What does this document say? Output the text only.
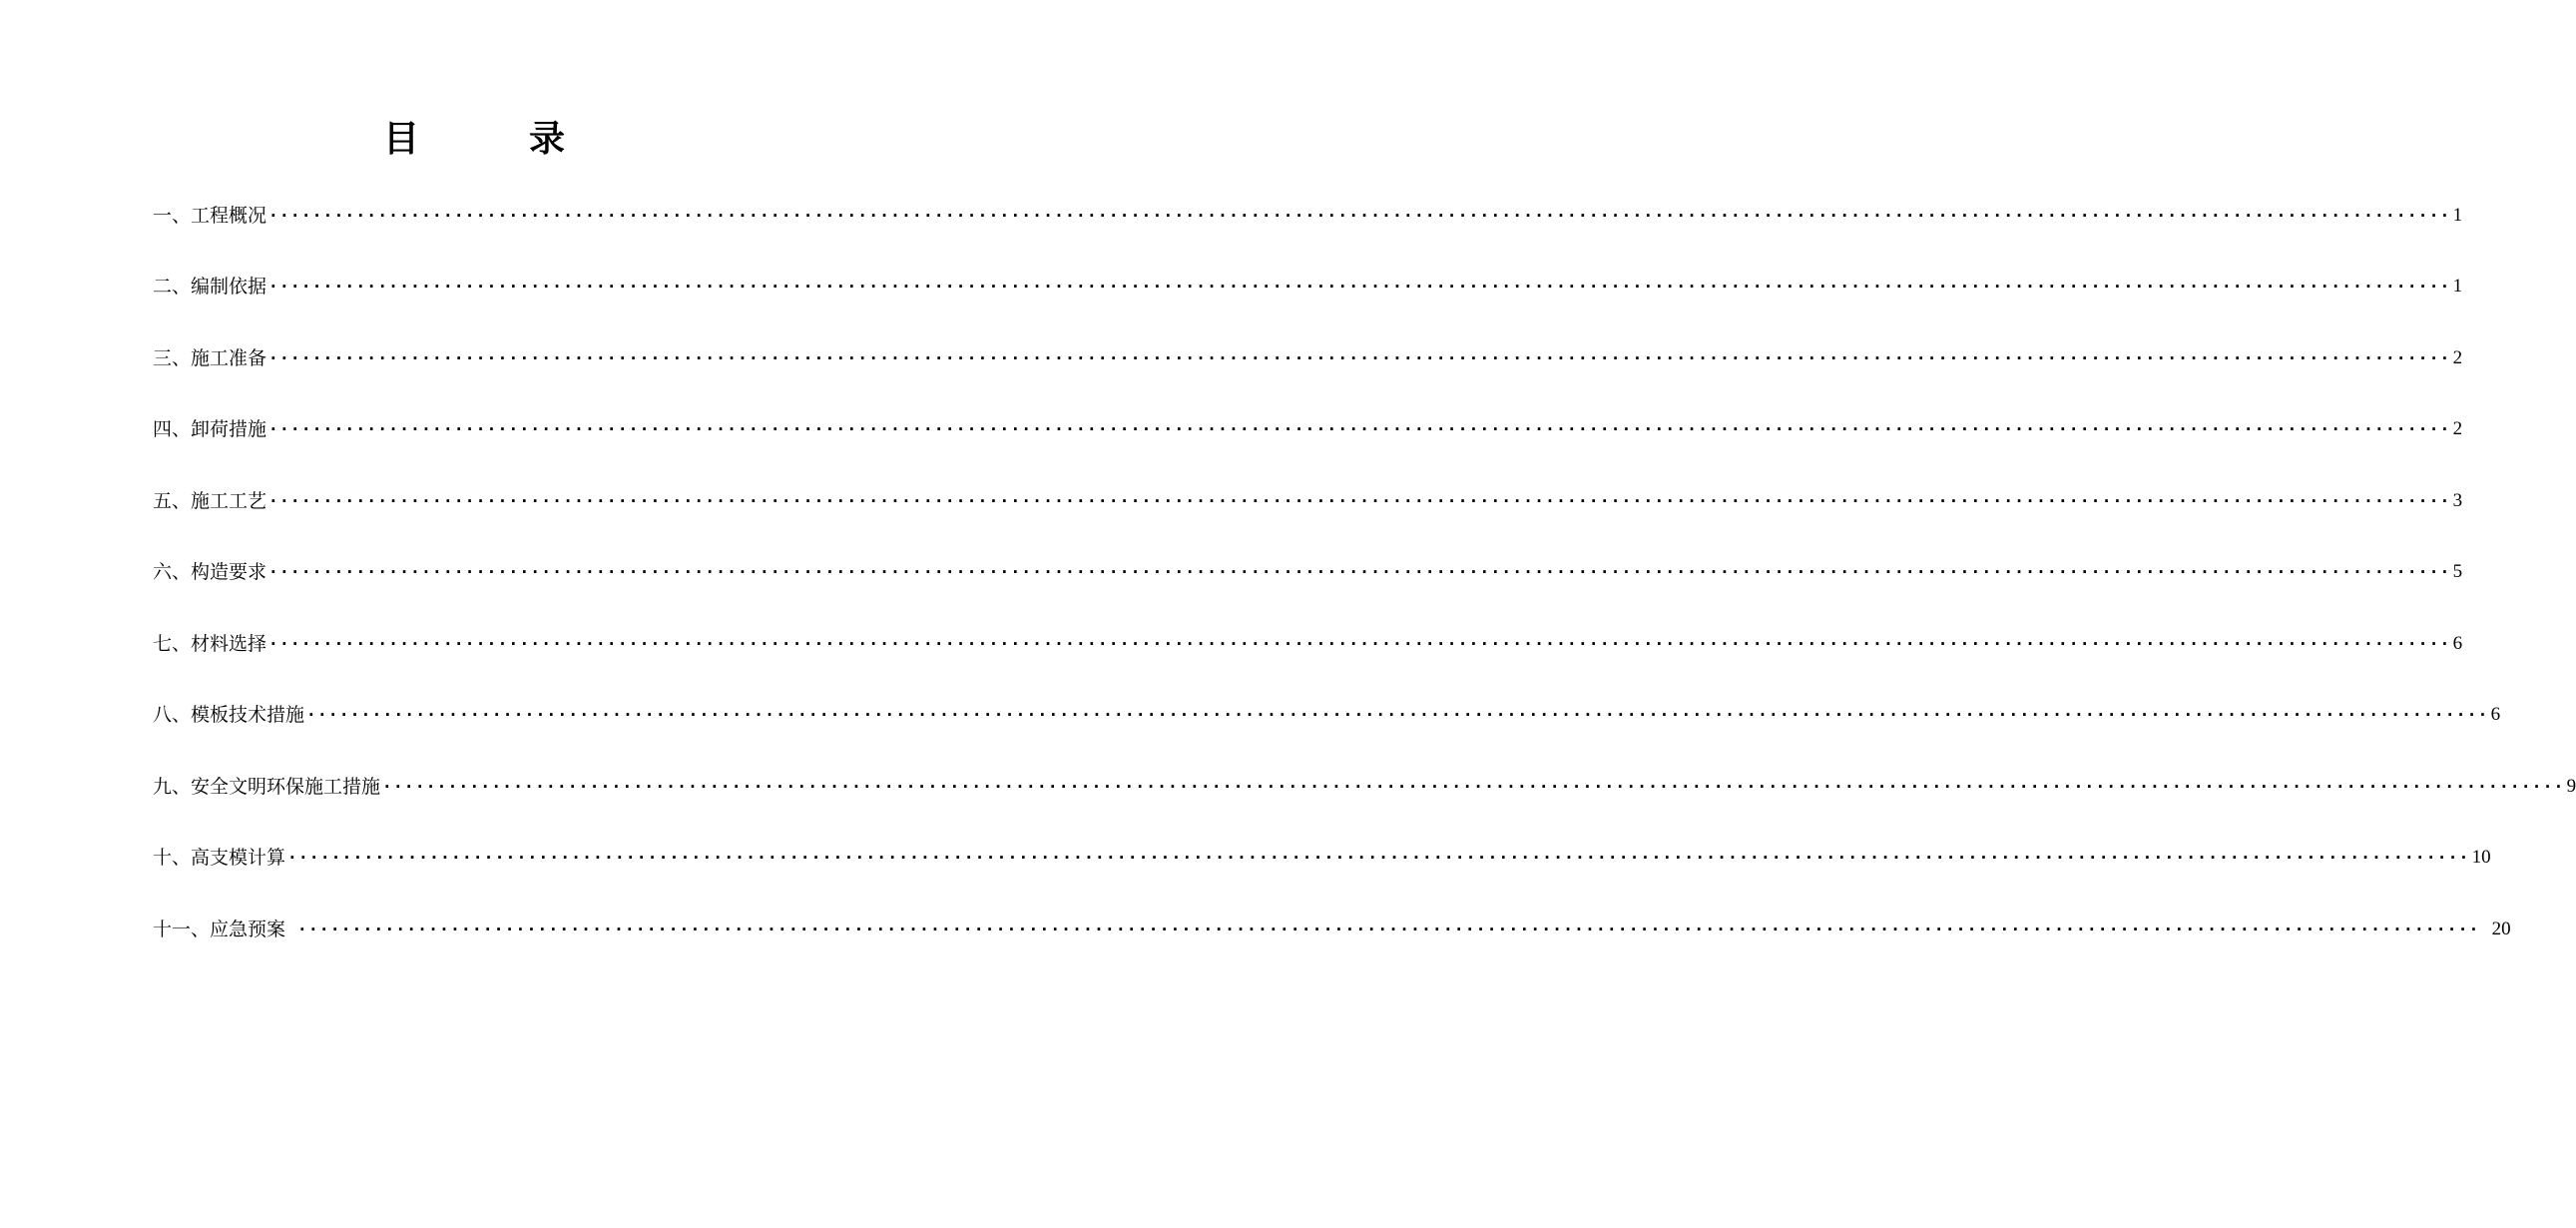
目	录
一、工程概况 ········································································································································································································ 1
二、编制依据 ········································································································································································································ 1
三、施工准备 ········································································································································································································ 2
四、卸荷措施 ········································································································································································································ 2
五、施工工艺 ········································································································································································································ 3
六、构造要求 ········································································································································································································ 5
七、材料选择 ········································································································································································································ 6
八、模板技术措施 ········································································································································································································ 6
九、安全文明环保施工措施 ········································································································································································································ 9
十、高支模计算 ········································································································································································································ 10
十一、应急预案 ········································································································································································································ 20
